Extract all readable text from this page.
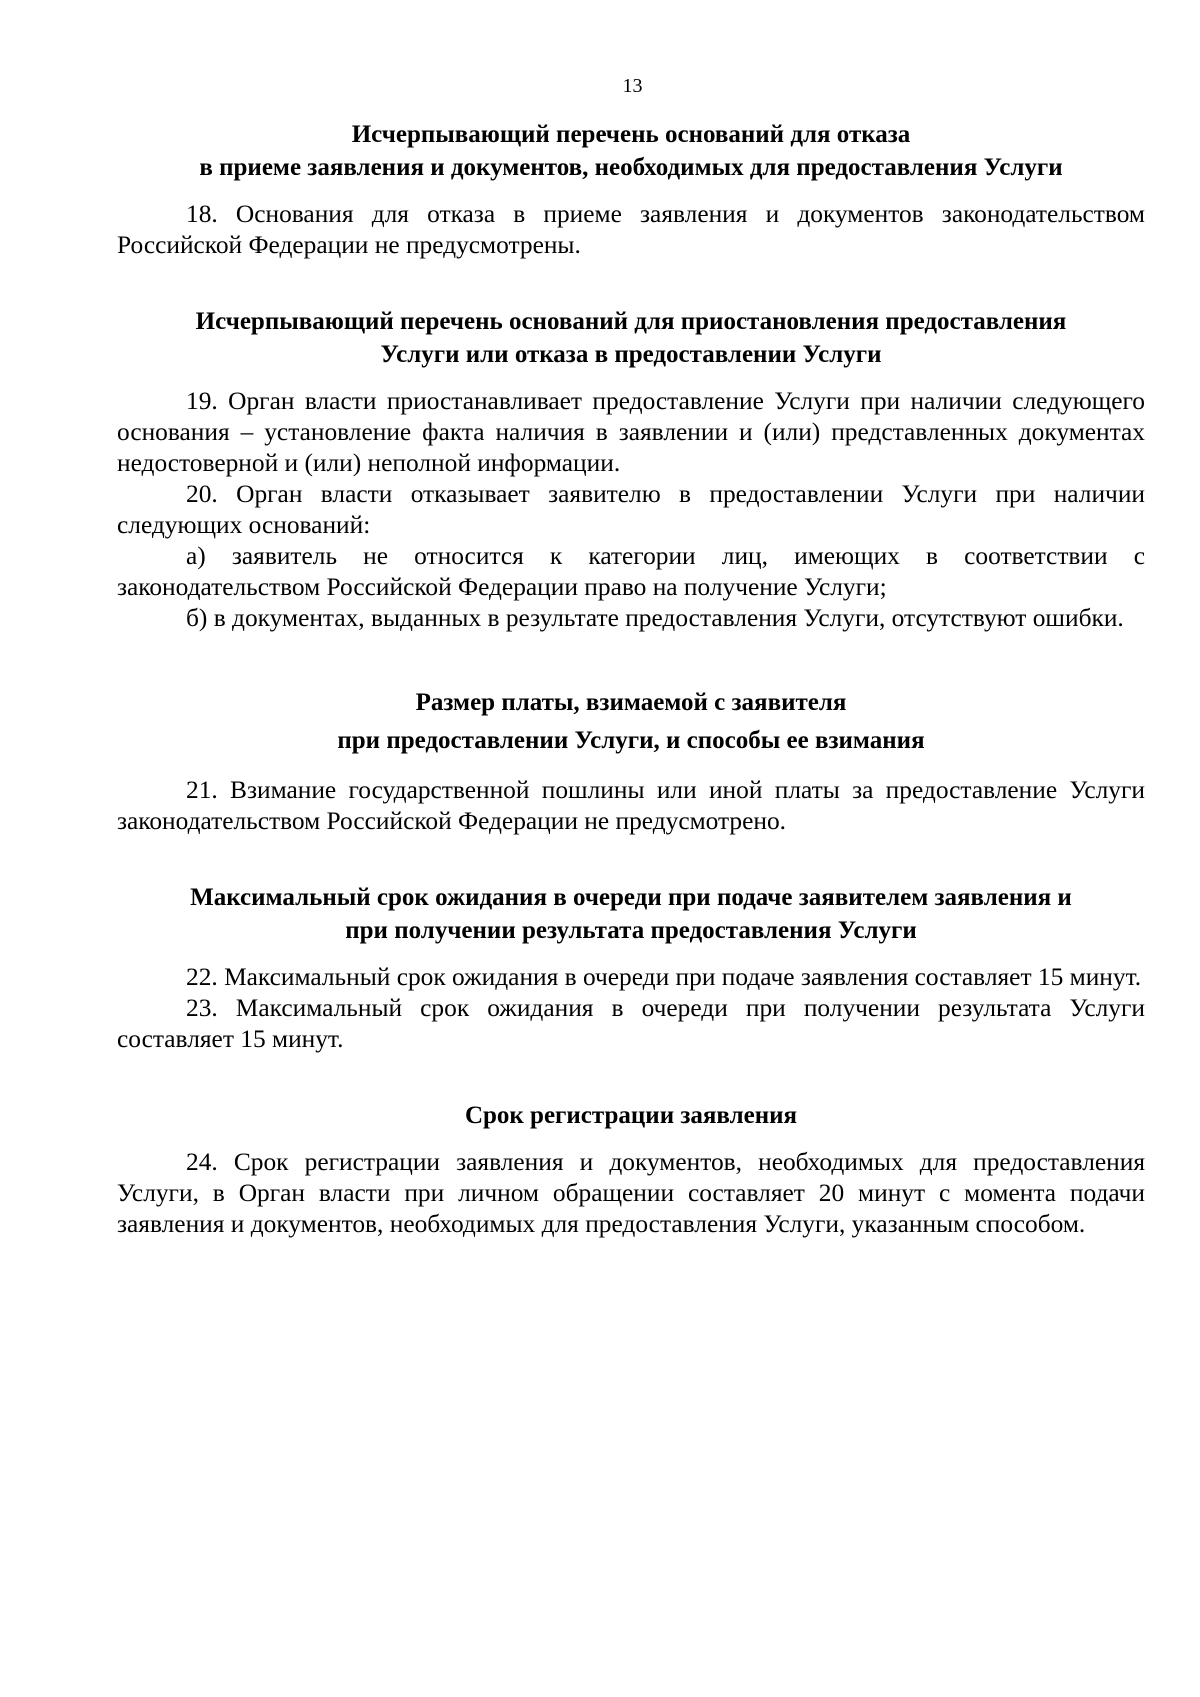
13
Исчерпывающий перечень оснований для отказа
в приеме заявления и документов, необходимых для предоставления Услуги

18. Основания для отказа в приеме заявления и документов законодательством Российской Федерации не предусмотрены.

Исчерпывающий перечень оснований для приостановления предоставления
Услуги или отказа в предоставлении Услуги

19. Орган власти приостанавливает предоставление Услуги при наличии следующего основания – установление факта наличия в заявлении и (или) представленных документах недостоверной и (или) неполной информации.

20. Орган власти отказывает заявителю в предоставлении Услуги при наличии следующих оснований:

а) заявитель не относится к категории лиц, имеющих в соответствии с законодательством Российской Федерации право на получение Услуги;

б) в документах, выданных в результате предоставления Услуги, отсутствуют ошибки.

Размер платы, взимаемой с заявителя
при предоставлении Услуги, и способы ее взимания

21. Взимание государственной пошлины или иной платы за предоставление Услуги законодательством Российской Федерации не предусмотрено.

Максимальный срок ожидания в очереди при подаче заявителем заявления и
при получении результата предоставления Услуги

22. Максимальный срок ожидания в очереди при подаче заявления составляет 15 минут.

23. Максимальный срок ожидания в очереди при получении результата Услуги составляет 15 минут.

Срок регистрации заявления

24. Срок регистрации заявления и документов, необходимых для предоставления Услуги, в Орган власти при личном обращении составляет 20 минут с момента подачи заявления и документов, необходимых для предоставления Услуги, указанным способом.
